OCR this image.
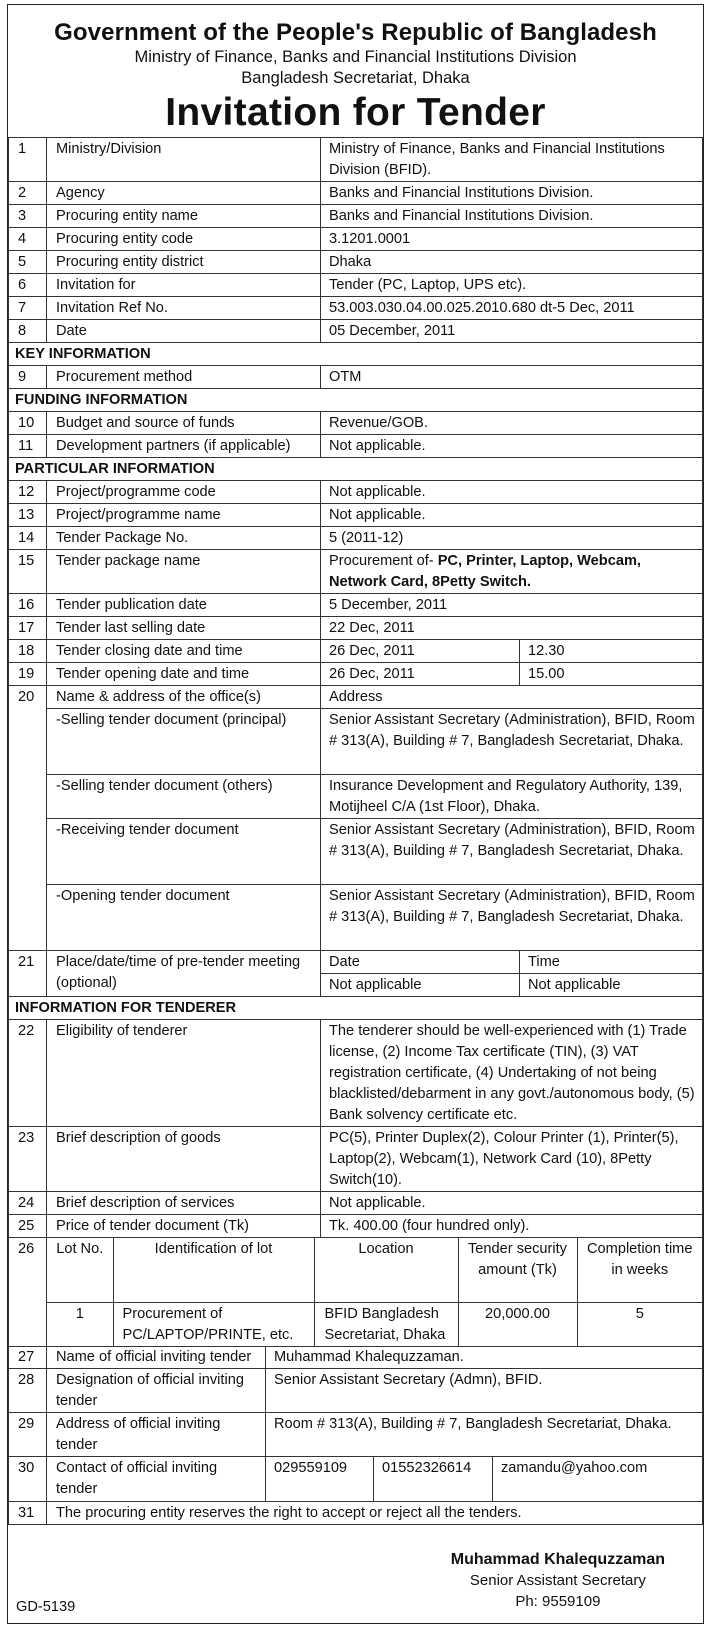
Government of the People's Republic of Bangladesh
Ministry of Finance, Banks and Financial Institutions Division
Bangladesh Secretariat, Dhaka
Invitation for Tender
1	Ministry/Division	Ministry of Finance, Banks and Financial Institutions Division (BFID).
2	Agency	Banks and Financial Institutions Division.
3	Procuring entity name	Banks and Financial Institutions Division.
4	Procuring entity code	3.1201.0001
5	Procuring entity district	Dhaka
6	Invitation for	Tender (PC, Laptop, UPS etc).
7	Invitation Ref No.	53.003.030.04.00.025.2010.680 dt-5 Dec, 2011
8	Date	05 December, 2011
KEY INFORMATION
9	Procurement method	OTM
FUNDING INFORMATION
10	Budget and source of funds	Revenue/GOB.
11	Development partners (if applicable)	Not applicable.
PARTICULAR INFORMATION
12	Project/programme code	Not applicable.
13	Project/programme name	Not applicable.
14	Tender Package No.	5 (2011-12)
15	Tender package name	Procurement of- PC, Printer, Laptop, Webcam, Network Card, 8Petty Switch.
16	Tender publication date	5 December, 2011
17	Tender last selling date	22 Dec, 2011
18	Tender closing date and time		26 Dec, 2011	12.30

19	Tender opening date and time		26 Dec, 2011	15.00

20	Name & address of the office(s)	Address
-Selling tender document (principal)	Senior Assistant Secretary (Administration), BFID, Room # 313(A), Building # 7, Bangladesh Secretariat, Dhaka.
-Selling tender document (others)	Insurance Development and Regulatory Authority, 139, Motijheel C/A (1st Floor), Dhaka.
-Receiving tender document	Senior Assistant Secretary (Administration), BFID, Room # 313(A), Building # 7, Bangladesh Secretariat, Dhaka.
-Opening tender document	Senior Assistant Secretary (Administration), BFID, Room # 313(A), Building # 7, Bangladesh Secretariat, Dhaka.
21	Place/date/time of pre-tender meeting (optional)	
Date	Time
Not applicable	Not applicable

INFORMATION FOR TENDERER
22	Eligibility of tenderer	The tenderer should be well-experienced with (1) Trade license, (2) Income Tax certificate (TIN), (3) VAT registration certificate, (4) Undertaking of not being blacklisted/debarment in any govt./autonomous body, (5) Bank solvency certificate etc.
23	Brief description of goods	PC(5), Printer Duplex(2), Colour Printer (1), Printer(5), Laptop(2), Webcam(1), Network Card (10), 8Petty Switch(10).
24	Brief description of services	Not applicable.
25	Price of tender document (Tk)	Tk. 400.00 (four hundred only).
26	Lot No.	Identification of lot	Location	Tender security amount (Tk)	Completion time in weeks
1	Procurement of PC/LAPTOP/PRINTE, etc.	BFID Bangladesh Secretariat, Dhaka	20,000.00	5
27	Name of official inviting tender	Muhammad Khalequzzaman.
28	Designation of official inviting tender	Senior Assistant Secretary (Admn), BFID.
29	Address of official inviting tender	Room # 313(A), Building # 7, Bangladesh Secretariat, Dhaka.
30	Contact of official inviting tender	
029559109	01552326614	zamandu@yahoo.com

31	The procuring entity reserves the right to accept or reject all the tenders.
GD-5139
Muhammad Khalequzzaman
Senior Assistant Secretary
Ph: 9559109
